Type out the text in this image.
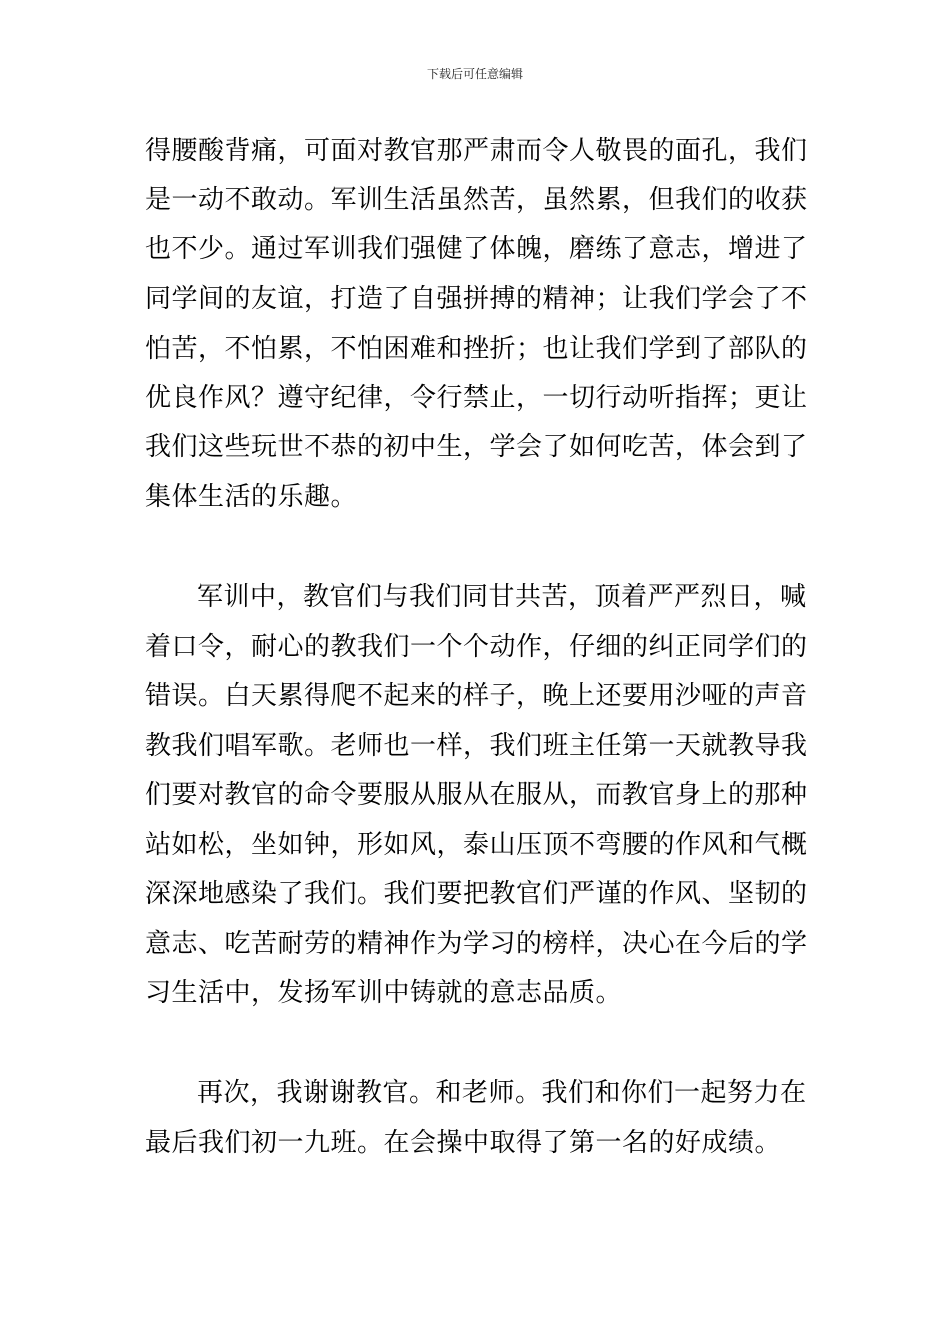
下载后可任意编辑
得腰酸背痛，可面对教官那严肃而令人敬畏的面孔，我们
是一动不敢动。军训生活虽然苦，虽然累，但我们的收获
也不少。通过军训我们强健了体魄，磨练了意志，增进了
同学间的友谊，打造了自强拼搏的精神；让我们学会了不
怕苦，不怕累，不怕困难和挫折；也让我们学到了部队的
优良作风？遵守纪律，令行禁止，一切行动听指挥；更让
我们这些玩世不恭的初中生，学会了如何吃苦，体会到了
集体生活的乐趣。
军训中，教官们与我们同甘共苦，顶着严严烈日，喊
着口令，耐心的教我们一个个动作，仔细的纠正同学们的
错误。白天累得爬不起来的样子，晚上还要用沙哑的声音
教我们唱军歌。老师也一样，我们班主任第一天就教导我
们要对教官的命令要服从服从在服从，而教官身上的那种
站如松，坐如钟，形如风，泰山压顶不弯腰的作风和气概
深深地感染了我们。我们要把教官们严谨的作风、坚韧的
意志、吃苦耐劳的精神作为学习的榜样，决心在今后的学
习生活中，发扬军训中铸就的意志品质。
再次，我谢谢教官。和老师。我们和你们一起努力在
最后我们初一九班。在会操中取得了第一名的好成绩。
